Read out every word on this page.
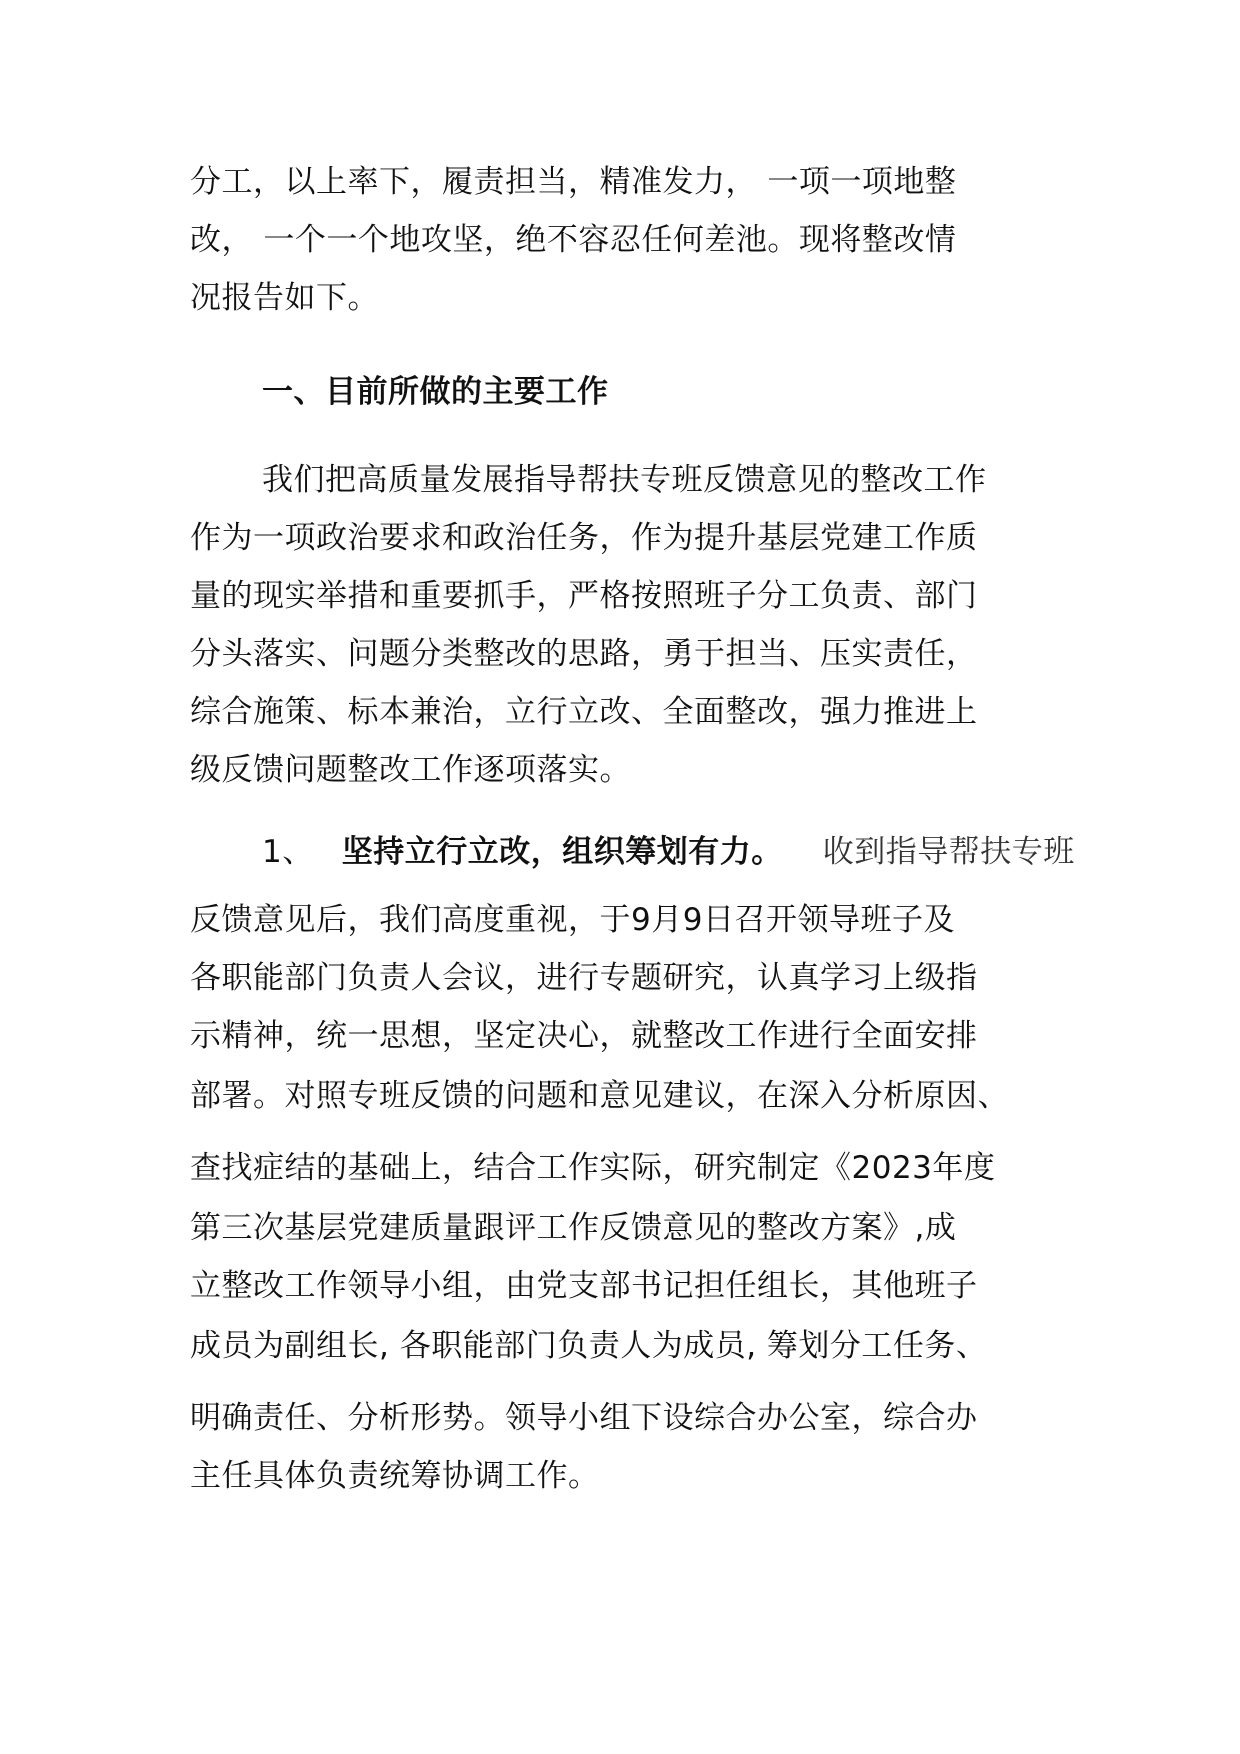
分工，以上率下，履责担当，精准发力， 一项一项地整
改， 一个一个地攻坚，绝不容忍任何差池。现将整改情
况报告如下。
一、目前所做的主要工作
我们把高质量发展指导帮扶专班反馈意见的整改工作
作为一项政治要求和政治任务，作为提升基层党建工作质
量的现实举措和重要抓手，严格按照班子分工负责、部门
分头落实、问题分类整改的思路，勇于担当、压实责任，
综合施策、标本兼治，立行立改、全面整改，强力推进上
级反馈问题整改工作逐项落实。
1、 坚持立行立改，组织筹划有力。 收到指导帮扶专班
反馈意见后，我们高度重视，于9月9日召开领导班子及
各职能部门负责人会议，进行专题研究，认真学习上级指
示精神，统一思想，坚定决心，就整改工作进行全面安排
部署。对照专班反馈的问题和意见建议，在深入分析原因、
查找症结的基础上，结合工作实际，研究制定《2023年度
第三次基层党建质量跟评工作反馈意见的整改方案》,成
立整改工作领导小组，由党支部书记担任组长，其他班子
成员为副组长, 各职能部门负责人为成员, 筹划分工任务、
明确责任、分析形势。领导小组下设综合办公室，综合办
主任具体负责统筹协调工作。
